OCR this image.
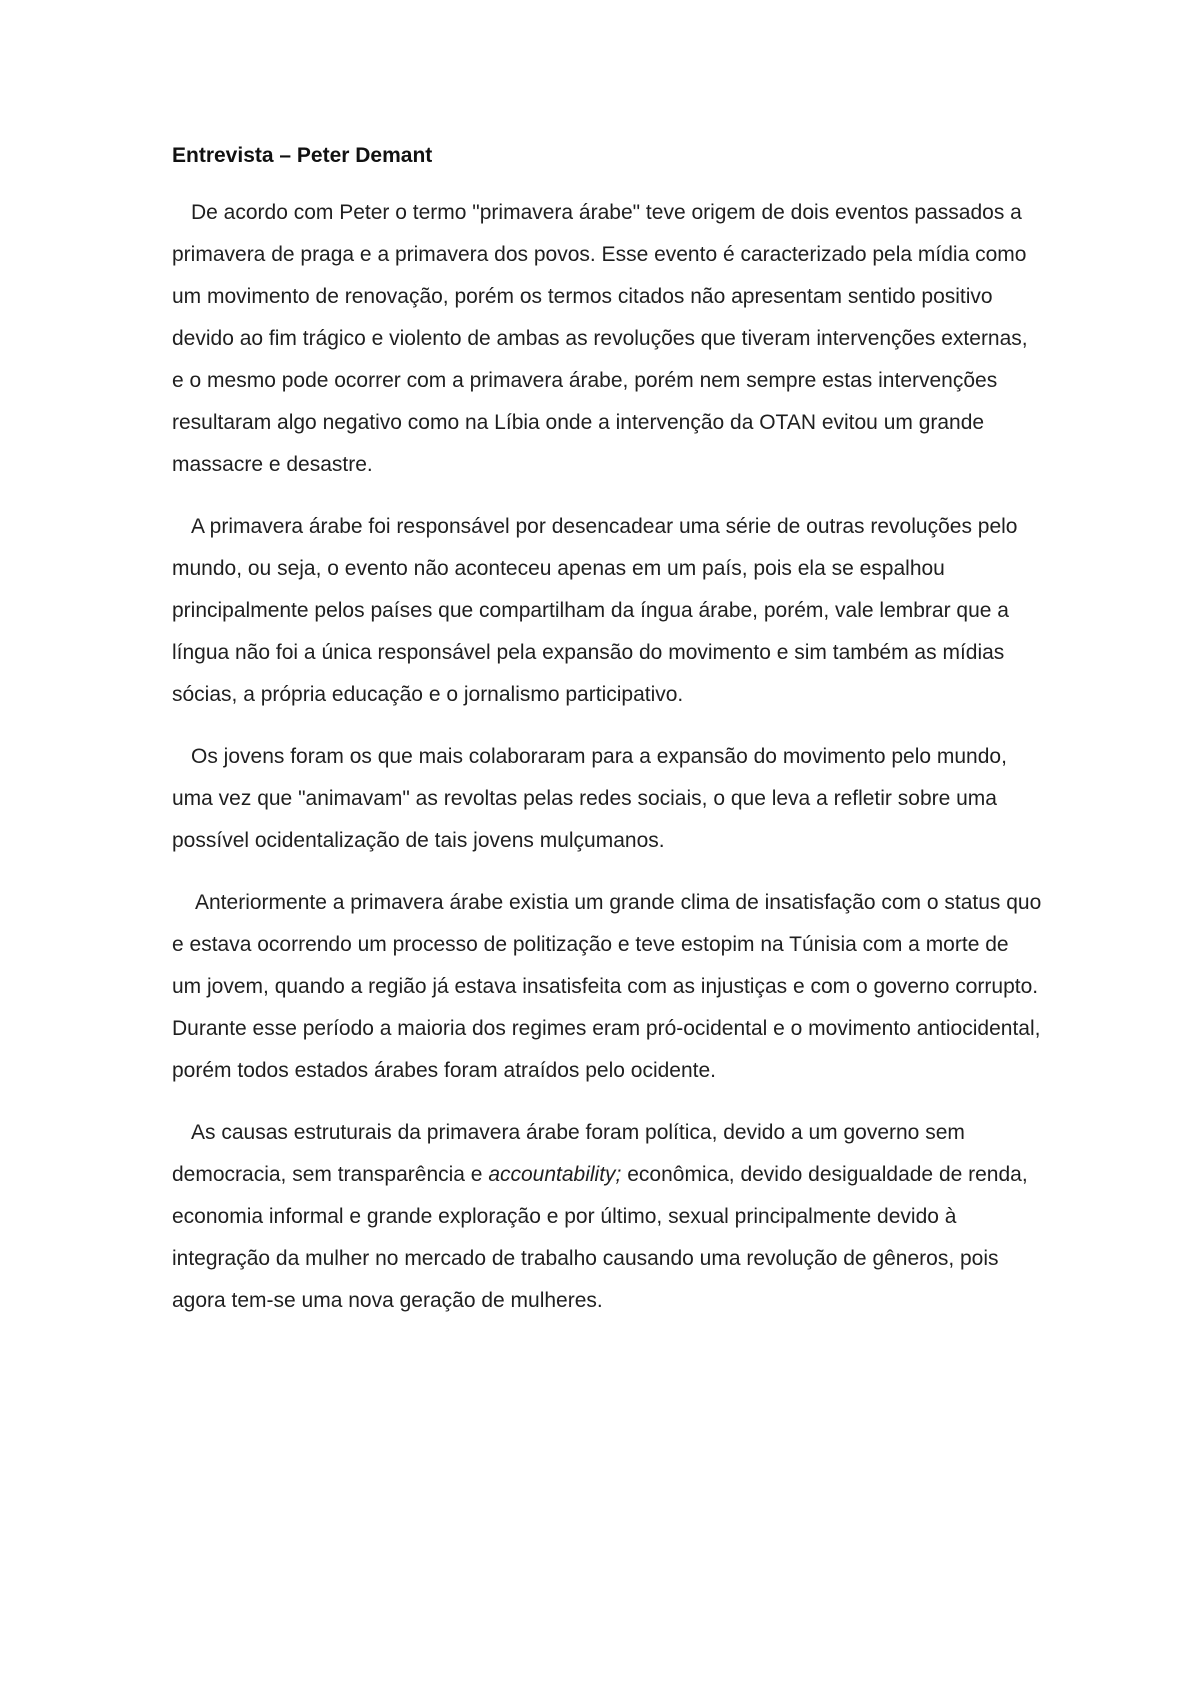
Entrevista – Peter Demant

De acordo com Peter o termo "primavera árabe" teve origem de dois eventos passados a primavera de praga e a primavera dos povos. Esse evento é caracterizado pela mídia como um movimento de renovação, porém os termos citados não apresentam sentido positivo devido ao fim trágico e violento de ambas as revoluções que tiveram intervenções externas, e o mesmo pode ocorrer com a primavera árabe, porém nem sempre estas intervenções resultaram algo negativo como na Líbia onde a intervenção da OTAN evitou um grande massacre e desastre.

A primavera árabe foi responsável por desencadear uma série de outras revoluções pelo mundo, ou seja, o evento não aconteceu apenas em um país, pois ela se espalhou principalmente pelos países que compartilham da íngua árabe, porém, vale lembrar que a língua não foi a única responsável pela expansão do movimento e sim também as mídias sócias, a própria educação e o jornalismo participativo.

Os jovens foram os que mais colaboraram para a expansão do movimento pelo mundo, uma vez que "animavam" as revoltas pelas redes sociais, o que leva a refletir sobre uma possível ocidentalização de tais jovens mulçumanos.

Anteriormente a primavera árabe existia um grande clima de insatisfação com o status quo e estava ocorrendo um processo de politização e teve estopim na Túnisia com a morte de um jovem, quando a região já estava insatisfeita com as injustiças e com o governo corrupto. Durante esse período a maioria dos regimes eram pró-ocidental e o movimento antiocidental, porém todos estados árabes foram atraídos pelo ocidente.

As causas estruturais da primavera árabe foram política, devido a um governo sem democracia, sem transparência e accountability; econômica, devido desigualdade de renda, economia informal e grande exploração e por último, sexual principalmente devido à integração da mulher no mercado de trabalho causando uma revolução de gêneros, pois agora tem-se uma nova geração de mulheres.
